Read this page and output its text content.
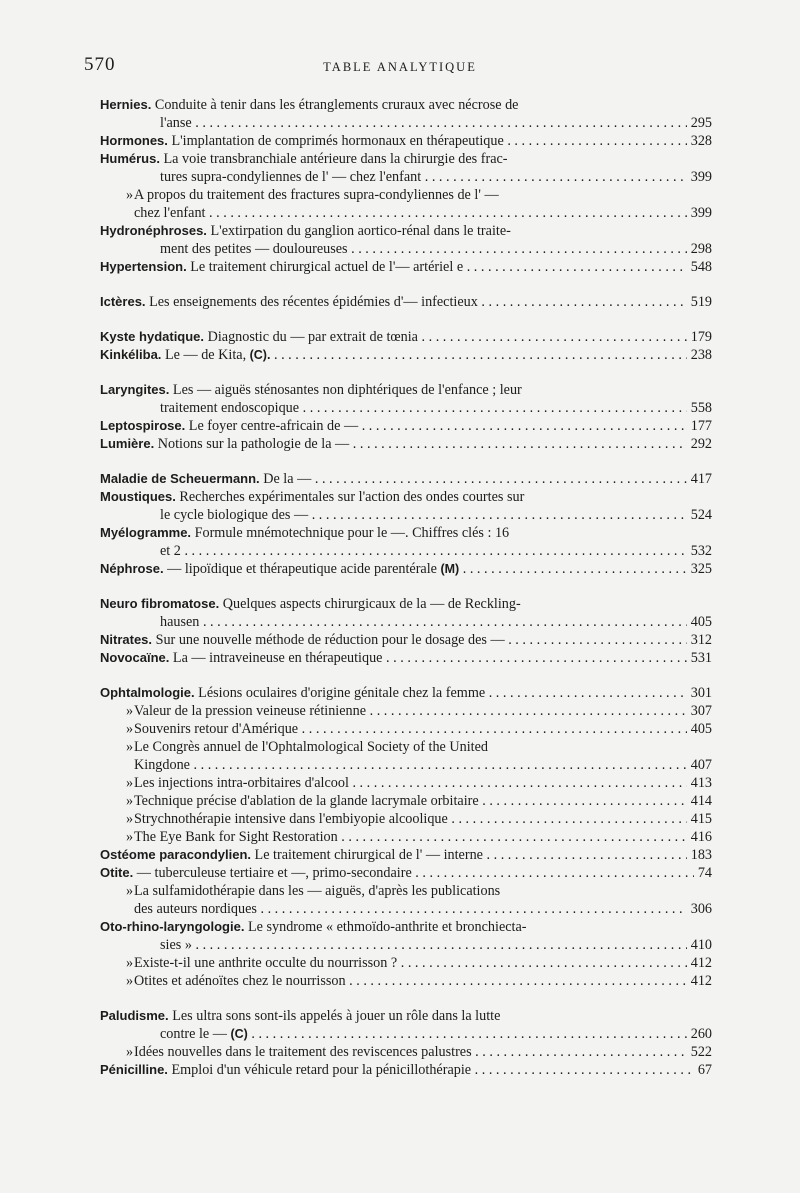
570	TABLE ANALYTIQUE
Hernies. Conduite à tenir dans les étranglements cruraux avec nécrose de
l'anse . . .	295
Hormones. L'implantation de comprimés hormonaux en thérapeutique . . .	328
Humérus. La voie transbranchiale antérieure dans la chirurgie des frac-
tures supra-condyliennes de l' — chez l'enfant . . .	399
» A propos du traitement des fractures supra-condyliennes de l' —
chez l'enfant . . .	399
Hydronéphroses. L'extirpation du ganglion aortico-rénal dans le traite-
ment des petites — douloureuses . . .	298
Hypertension. Le traitement chirurgical actuel de l'— artériel e . . .	548
Ictères. Les enseignements des récentes épidémies d'— infectieux . . .	519
Kyste hydatique. Diagnostic du — par extrait de tœnia . . .	179
Kinkéliba. Le — de Kita, (C). . . .	238
Laryngites. Les — aiguës sténosantes non diphtériques de l'enfance ; leur
traitement endoscopique . . .	558
Leptospirose. Le foyer centre-africain de — . . .	177
Lumière. Notions sur la pathologie de la — . . .	292
Maladie de Scheuermann. De la — . . .	417
Moustiques. Recherches expérimentales sur l'action des ondes courtes sur
le cycle biologique des — . . .	524
Myélogramme. Formule mnémotechnique pour le —. Chiffres clés : 16
et 2 . . .	532
Néphrose. — lipoïdique et thérapeutique acide parentérale (M) . . .	325
Neuro fibromatose. Quelques aspects chirurgicaux de la — de Reckling-
hausen . . .	405
Nitrates. Sur une nouvelle méthode de réduction pour le dosage des — . . .	312
Novocaïne. La — intraveineuse en thérapeutique . . .	531
Ophtalmologie. Lésions oculaires d'origine génitale chez la femme . . .	301
» Valeur de la pression veineuse rétinienne . . .	307
» Souvenirs retour d'Amérique . . .	405
» Le Congrès annuel de l'Ophtalmological Society of the United
Kingdone . . .	407
» Les injections intra-orbitaires d'alcool . . .	413
» Technique précise d'ablation de la glande lacrymale orbitaire . . .	414
» Strychnothérapie intensive dans l'embiyopie alcoolique . . .	415
» The Eye Bank for Sight Restoration . . .	416
Ostéome paracondylien. Le traitement chirurgical de l' — interne . . .	183
Otite. — tuberculeuse tertiaire et —, primo-secondaire . . .	74
» La sulfamidothérapie dans les — aiguës, d'après les publications
des auteurs nordiques . . .	306
Oto-rhino-laryngologie. Le syndrome « ethmoïdo-anthrite et bronchiecta-
sies » . . .	410
» Existe-t-il une anthrite occulte du nourrisson ? . . .	412
» Otites et adénoïtes chez le nourrisson . . .	412
Paludisme. Les ultra sons sont-ils appelés à jouer un rôle dans la lutte
contre le — (C) . . .	260
» Idées nouvelles dans le traitement des reviscences palustres . . .	522
Pénicilline. Emploi d'un véhicule retard pour la pénicillothérapie . . .	67
